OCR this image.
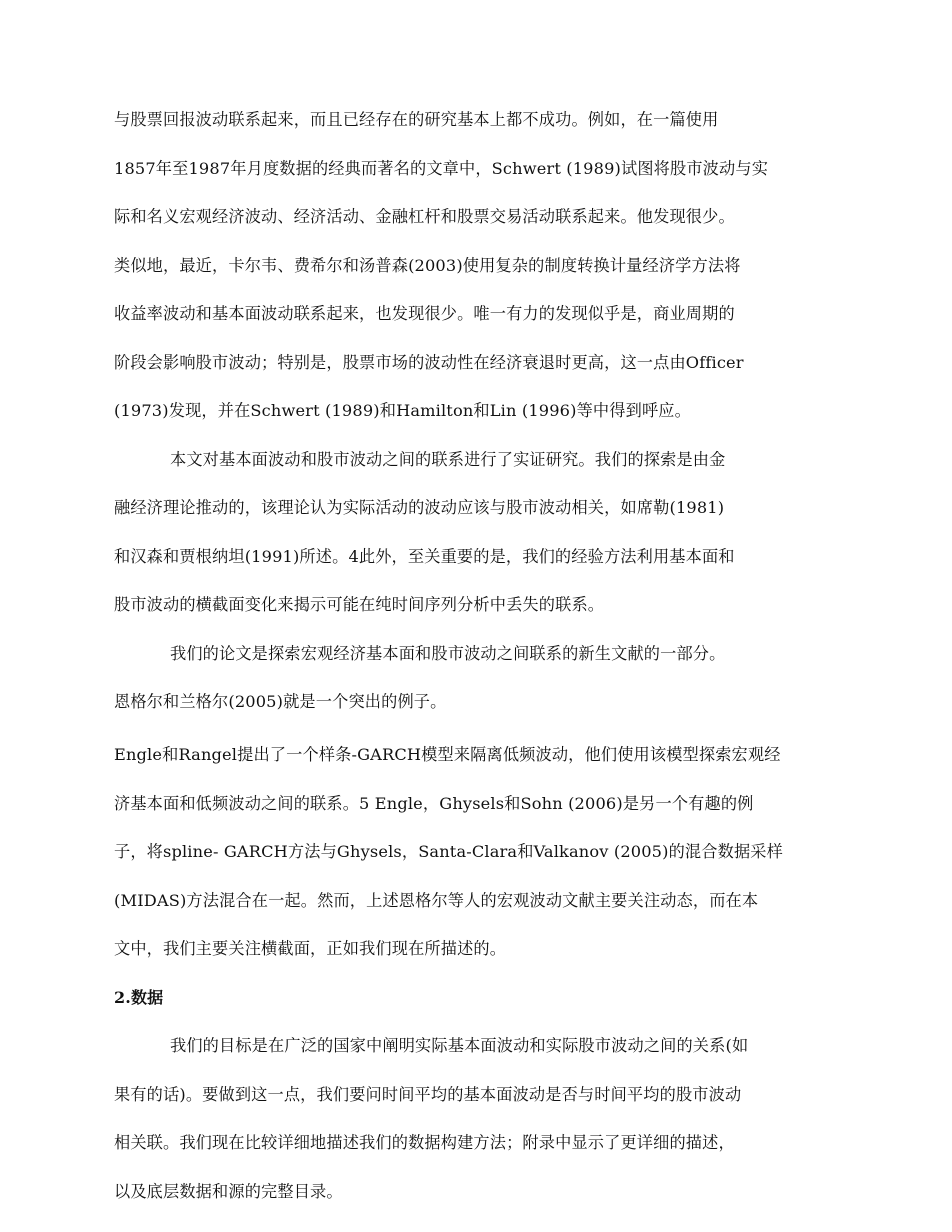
与股票回报波动联系起来，而且已经存在的研究基本上都不成功。例如，在一篇使用
1857年至1987年月度数据的经典而著名的文章中，Schwert (1989)试图将股市波动与实
际和名义宏观经济波动、经济活动、金融杠杆和股票交易活动联系起来。他发现很少。
类似地，最近，卡尔韦、费希尔和汤普森(2003)使用复杂的制度转换计量经济学方法将
收益率波动和基本面波动联系起来，也发现很少。唯一有力的发现似乎是，商业周期的
阶段会影响股市波动；特别是，股票市场的波动性在经济衰退时更高，这一点由Officer
(1973)发现，并在Schwert (1989)和Hamilton和Lin (1996)等中得到呼应。
本文对基本面波动和股市波动之间的联系进行了实证研究。我们的探索是由金
融经济理论推动的，该理论认为实际活动的波动应该与股市波动相关，如席勒(1981)
和汉森和贾根纳坦(1991)所述。4此外，至关重要的是，我们的经验方法利用基本面和
股市波动的横截面变化来揭示可能在纯时间序列分析中丢失的联系。
我们的论文是探索宏观经济基本面和股市波动之间联系的新生文献的一部分。
恩格尔和兰格尔(2005)就是一个突出的例子。
Engle和Rangel提出了一个样条-GARCH模型来隔离低频波动，他们使用该模型探索宏观经
济基本面和低频波动之间的联系。5 Engle，Ghysels和Sohn (2006)是另一个有趣的例
子，将spline- GARCH方法与Ghysels，Santa-Clara和Valkanov (2005)的混合数据采样
(MIDAS)方法混合在一起。然而，上述恩格尔等人的宏观波动文献主要关注动态，而在本
文中，我们主要关注横截面，正如我们现在所描述的。
2.数据
我们的目标是在广泛的国家中阐明实际基本面波动和实际股市波动之间的关系(如
果有的话)。要做到这一点，我们要问时间平均的基本面波动是否与时间平均的股市波动
相关联。我们现在比较详细地描述我们的数据构建方法；附录中显示了更详细的描述，
以及底层数据和源的完整目录。
